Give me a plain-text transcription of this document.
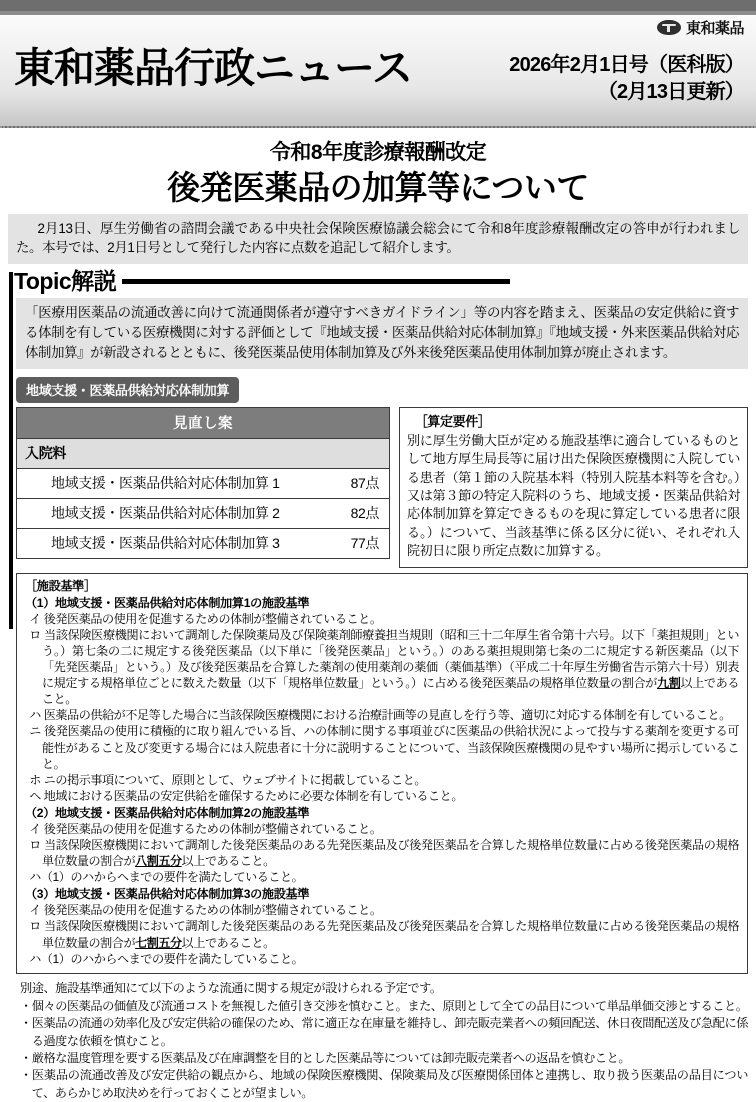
東和薬品
東和薬品行政ニュース	2026年2月1日号（医科版）
（2月13日更新）
令和8年度診療報酬改定
後発医薬品の加算等について

2月13日、厚生労働省の諮問会議である中央社会保険医療協議会総会にて令和8年度診療報酬改定の答申が行われました。本号では、2月1日号として発行した内容に点数を追記して紹介します。

Topic解説

「医療用医薬品の流通改善に向けて流通関係者が遵守すべきガイドライン」等の内容を踏まえ、医薬品の安定供給に資する体制を有している医療機関に対する評価として『地域支援・医薬品供給対応体制加算』『地域支援・外来医薬品供給対応体制加算』が新設されるとともに、後発医薬品使用体制加算及び外来後発医薬品使用体制加算が廃止されます。

地域支援・医薬品供給対応体制加算
見直し案
入院料

地域支援・医薬品供給対応体制加算 1	87点

地域支援・医薬品供給対応体制加算 2	82点

地域支援・医薬品供給対応体制加算 3	77点
［算定要件］

別に厚生労働大臣が定める施設基準に適合しているものとして地方厚生局長等に届け出た保険医療機関に入院している患者（第１節の入院基本料（特別入院基本料等を含む。）又は第３節の特定入院料のうち、地域支援・医薬品供給対応体制加算を算定できるものを現に算定している患者に限る。）について、当該基準に係る区分に従い、それぞれ入院初日に限り所定点数に加算する。

［施設基準］
（1）地域支援・医薬品供給対応体制加算1の施設基準
イ 後発医薬品の使用を促進するための体制が整備されていること。
ロ 当該保険医療機関において調剤した保険薬局及び保険薬剤師療養担当規則（昭和三十二年厚生省令第十六号。以下「薬担規則」という。）第七条の二に規定する後発医薬品（以下単に「後発医薬品」という。）のある薬担規則第七条の二に規定する新医薬品（以下「先発医薬品」という。）及び後発医薬品を合算した薬剤の使用薬剤の薬価（薬価基準）（平成二十年厚生労働省告示第六十号）別表に規定する規格単位ごとに数えた数量（以下「規格単位数量」という。）に占める後発医薬品の規格単位数量の割合が九割以上であること。
ハ 医薬品の供給が不足等した場合に当該保険医療機関における治療計画等の見直しを行う等、適切に対応する体制を有していること。
ニ 後発医薬品の使用に積極的に取り組んでいる旨、ハの体制に関する事項並びに医薬品の供給状況によって投与する薬剤を変更する可能性があること及び変更する場合には入院患者に十分に説明することについて、当該保険医療機関の見やすい場所に掲示していること。
ホ ニの掲示事項について、原則として、ウェブサイトに掲載していること。
ヘ 地域における医薬品の安定供給を確保するために必要な体制を有していること。
（2）地域支援・医薬品供給対応体制加算2の施設基準
イ 後発医薬品の使用を促進するための体制が整備されていること。
ロ 当該保険医療機関において調剤した後発医薬品のある先発医薬品及び後発医薬品を合算した規格単位数量に占める後発医薬品の規格単位数量の割合が八割五分以上であること。
ハ（1）のハからヘまでの要件を満たしていること。
（3）地域支援・医薬品供給対応体制加算3の施設基準
イ 後発医薬品の使用を促進するための体制が整備されていること。
ロ 当該保険医療機関において調剤した後発医薬品のある先発医薬品及び後発医薬品を合算した規格単位数量に占める後発医薬品の規格単位数量の割合が七割五分以上であること。
ハ（1）のハからヘまでの要件を満たしていること。

別途、施設基準通知にて以下のような流通に関する規定が設けられる予定です。

・個々の医薬品の価値及び流通コストを無視した値引き交渉を慎むこと。また、原則として全ての品目について単品単価交渉とすること。

・医薬品の流通の効率化及び安定供給の確保のため、常に適正な在庫量を維持し、卸売販売業者への頻回配送、休日夜間配送及び急配に係る過度な依頼を慎むこと。

・厳格な温度管理を要する医薬品及び在庫調整を目的とした医薬品等については卸売販売業者への返品を慎むこと。

・医薬品の流通改善及び安定供給の観点から、地域の保険医療機関、保険薬局及び医療関係団体と連携し、取り扱う医薬品の品目について、あらかじめ取決めを行っておくことが望ましい。
